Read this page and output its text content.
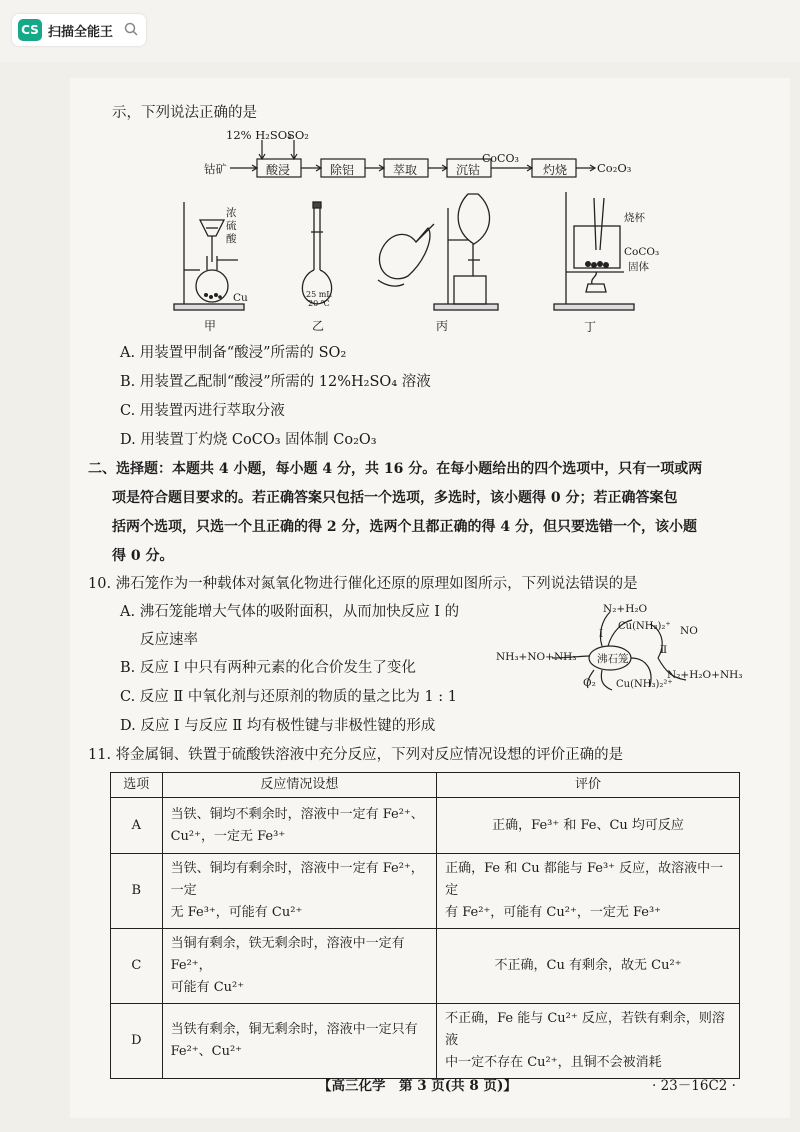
CS 扫描全能王
示，下列说法正确的是
12% H₂SO₄
SO₂
钴矿	酸浸	除铝	萃取	沉钴
CoCO₃
灼烧	Co₂O₃
浓
硫
酸
Cu
甲
25 mL
20 ℃
乙	丙
烧杯
CoCO₃
固体
丁
A. 用装置甲制备“酸浸”所需的 SO₂
B. 用装置乙配制“酸浸”所需的 12%H₂SO₄ 溶液
C. 用装置丙进行萃取分液
D. 用装置丁灼烧 CoCO₃ 固体制 Co₂O₃
二、选择题：本题共 4 小题，每小题 4 分，共 16 分。在每小题给出的四个选项中，只有一项或两
项是符合题目要求的。若正确答案只包括一个选项，多选时，该小题得 0 分；若正确答案包
括两个选项，只选一个且正确的得 2 分，选两个且都正确的得 4 分，但只要选错一个，该小题
得 0 分。
10. 沸石笼作为一种载体对氮氧化物进行催化还原的原理如图所示，下列说法错误的是
A. 沸石笼能增大气体的吸附面积，从而加快反应 Ⅰ 的
反应速率
B. 反应 Ⅰ 中只有两种元素的化合价发生了变化
C. 反应 Ⅱ 中氧化剂与还原剂的物质的量之比为 1 : 1
D. 反应 Ⅰ 与反应 Ⅱ 均有极性键与非极性键的形成
N₂+H₂O
Cu(NH₃)₂⁺ NO
NH₃+NO+NH₃ 沸石笼
Ⅰ
Ⅱ
N₂+H₂O+NH₃
O₂ Cu(NH₃)₂²⁺
11. 将金属铜、铁置于硫酸铁溶液中充分反应，下列对反应情况设想的评价正确的是
选项	反应情况设想	评价
A	当铁、铜均不剩余时，溶液中一定有 Fe²⁺、
Cu²⁺，一定无 Fe³⁺	正确，Fe³⁺ 和 Fe、Cu 均可反应
B	当铁、铜均有剩余时，溶液中一定有 Fe²⁺，一定
无 Fe³⁺，可能有 Cu²⁺	正确，Fe 和 Cu 都能与 Fe³⁺ 反应，故溶液中一定
有 Fe²⁺，可能有 Cu²⁺，一定无 Fe³⁺
C	当铜有剩余，铁无剩余时，溶液中一定有 Fe²⁺，
可能有 Cu²⁺	不正确，Cu 有剩余，故无 Cu²⁺
D	当铁有剩余，铜无剩余时，溶液中一定只有
Fe²⁺、Cu²⁺	不正确，Fe 能与 Cu²⁺ 反应，若铁有剩余，则溶液
中一定不存在 Cu²⁺，且铜不会被消耗
【高三化学　第 3 页(共 8 页)】	· 23－16C2 ·
